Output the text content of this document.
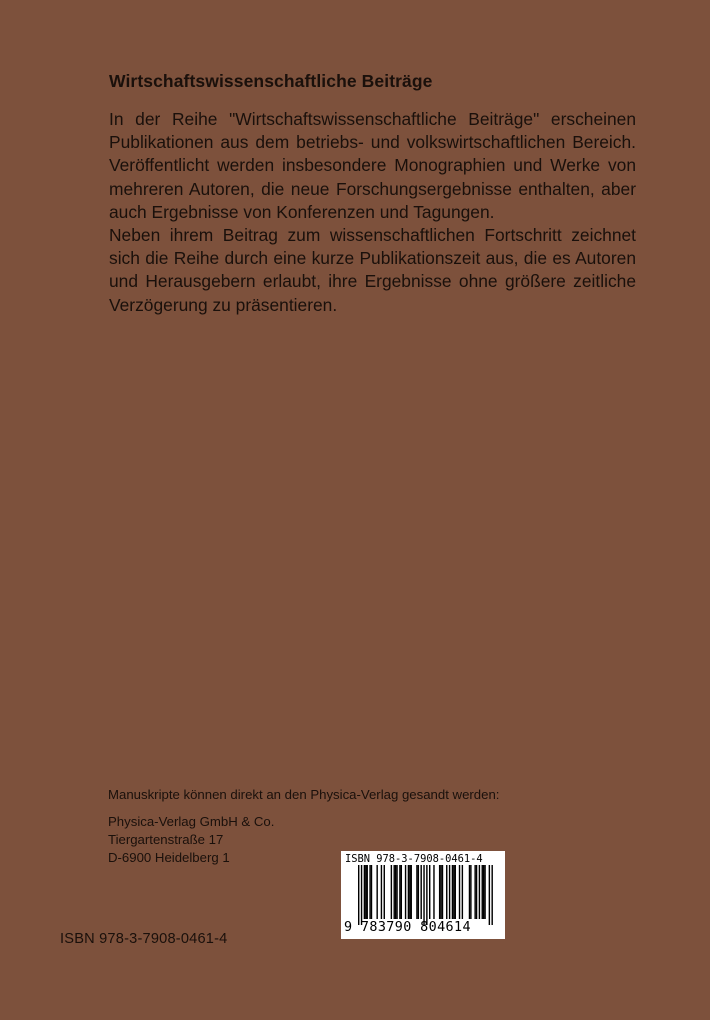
Wirtschaftswissenschaftliche Beiträge

In der Reihe "Wirtschaftswissenschaftliche Beiträge" erscheinen
Publikationen aus dem betriebs- und volkswirtschaftlichen Bereich.
Veröffentlicht werden insbesondere Monographien und Werke von
mehreren Autoren, die neue Forschungsergebnisse enthalten, aber
auch Ergebnisse von Konferenzen und Tagungen.

Neben ihrem Beitrag zum wissenschaftlichen Fortschritt zeichnet
sich die Reihe durch eine kurze Publikationszeit aus, die es Autoren
und Herausgebern erlaubt, ihre Ergebnisse ohne größere zeitliche
Verzögerung zu präsentieren.

Manuskripte können direkt an den Physica-Verlag gesandt werden:

Physica-Verlag GmbH & Co.
Tiergartenstraße 17
D-6900 Heidelberg 1	ISBN 978-3-7908-0461-4
9 783790 804614
ISBN 978-3-7908-0461-4
